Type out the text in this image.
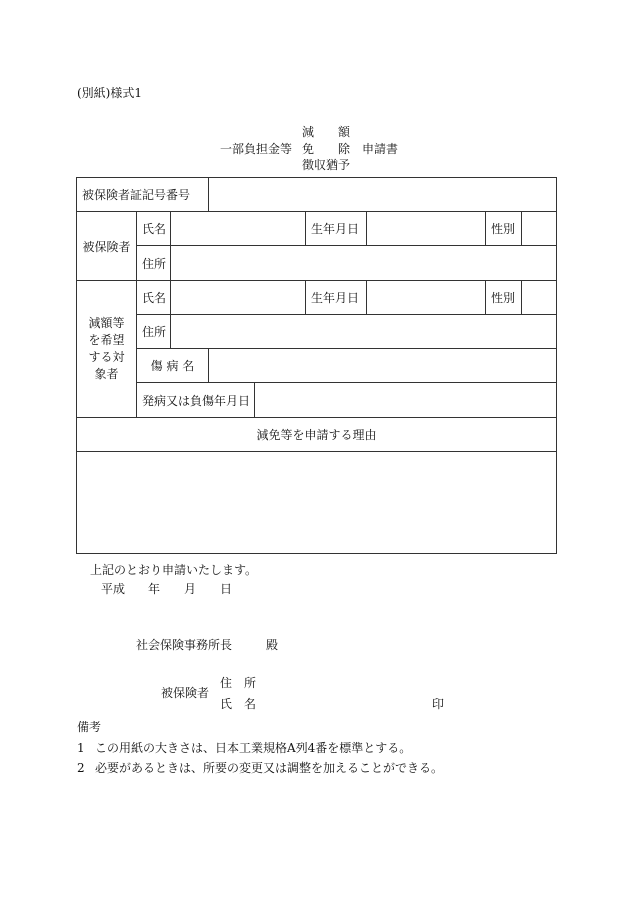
(別紙)様式1
減　　額
一部負担金等 免　　除 申請書
徴収猶予
被保険者証記号番号
被保険者
氏名	生年月日	性別
住所
減額等を希望する対象者
氏名	生年月日	性別
住所
傷 病 名
発病又は負傷年月日
減免等を申請する理由
上記のとおり申請いたします。
平成 年 月 日
社会保険事務所長	殿
被保険者
住　所
氏　名	印
備考
1 この用紙の大きさは、日本工業規格A列4番を標準とする。
2 必要があるときは、所要の変更又は調整を加えることができる。
